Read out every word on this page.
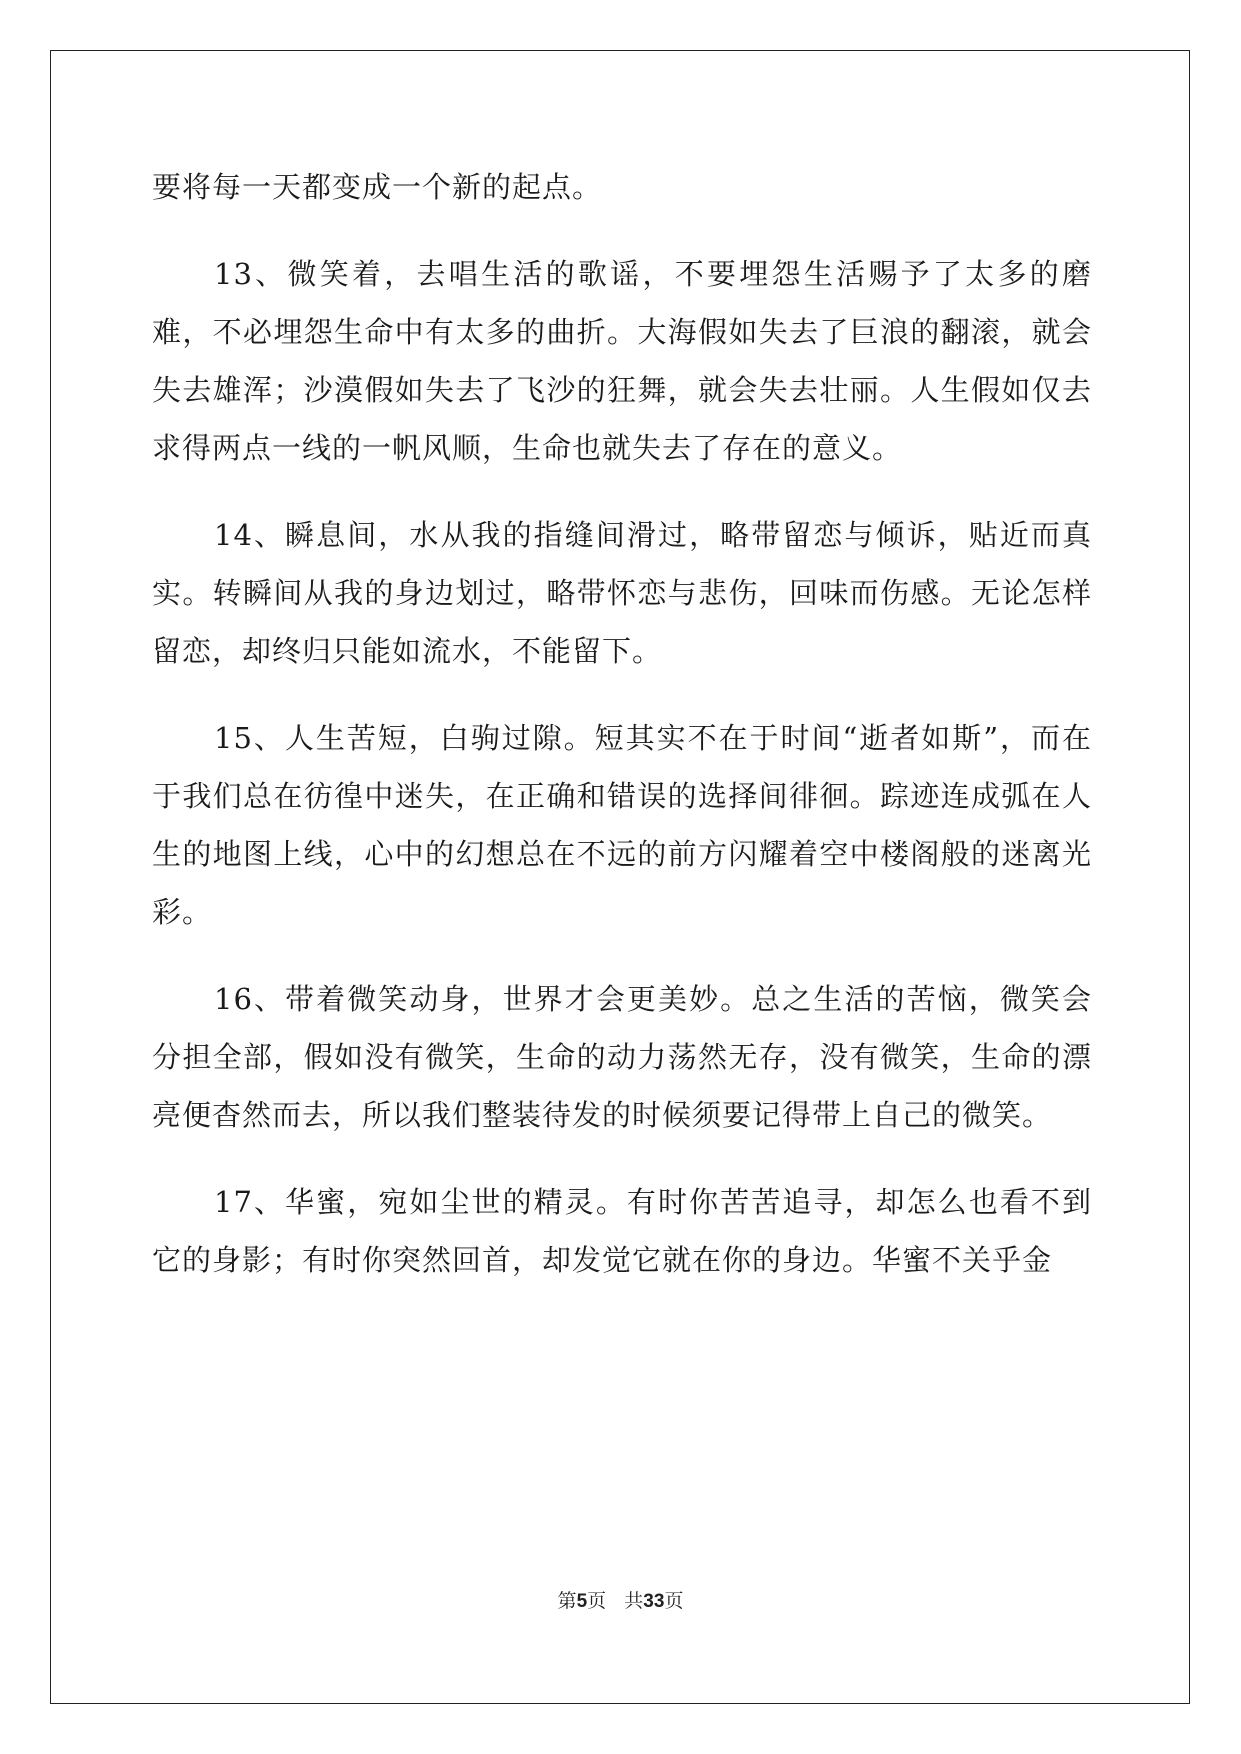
要将每一天都变成一个新的起点。

13、微笑着，去唱生活的歌谣，不要埋怨生活赐予了太多的磨难，不必埋怨生命中有太多的曲折。大海假如失去了巨浪的翻滚，就会失去雄浑；沙漠假如失去了飞沙的狂舞，就会失去壮丽。人生假如仅去求得两点一线的一帆风顺，生命也就失去了存在的意义。

14、瞬息间，水从我的指缝间滑过，略带留恋与倾诉，贴近而真实。转瞬间从我的身边划过，略带怀恋与悲伤，回味而伤感。无论怎样留恋，却终归只能如流水，不能留下。

15、人生苦短，白驹过隙。短其实不在于时间“逝者如斯”，而在于我们总在彷徨中迷失，在正确和错误的选择间徘徊。踪迹连成弧在人生的地图上线，心中的幻想总在不远的前方闪耀着空中楼阁般的迷离光彩。

16、带着微笑动身，世界才会更美妙。总之生活的苦恼，微笑会分担全部，假如没有微笑，生命的动力荡然无存，没有微笑，生命的漂亮便杳然而去，所以我们整装待发的时候须要记得带上自己的微笑。

17、华蜜，宛如尘世的精灵。有时你苦苦追寻，却怎么也看不到它的身影；有时你突然回首，却发觉它就在你的身边。华蜜不关乎金

第5页 共33页
